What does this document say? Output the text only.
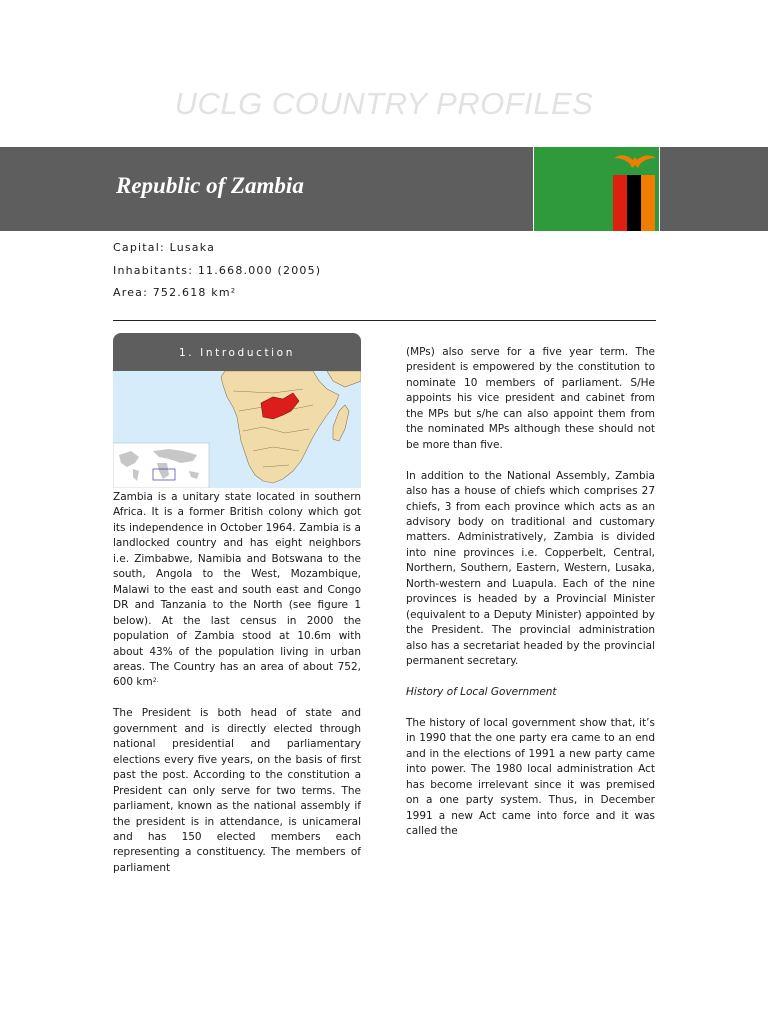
UCLG COUNTRY PROFILES
Republic of Zambia
Capital: Lusaka
Inhabitants: 11.668.000 (2005)
Area: 752.618 km²
1. Introduction

Zambia is a unitary state located in southern Africa. It is a former British colony which got its independence in October 1964. Zambia is a landlocked country and has eight neighbors i.e. Zimbabwe, Namibia and Botswana to the south, Angola to the West, Mozambique, Malawi to the east and south east and Congo DR and Tanzania to the North (see figure 1 below). At the last census in 2000 the population of Zambia stood at 10.6m with about 43% of the population living in urban areas. The Country has an area of about 752, 600 $km^{2.}$

The President is both head of state and government and is directly elected through national presidential and parliamentary elections every five years, on the basis of first past the post. According to the constitution a President can only serve for two terms. The parliament, known as the national assembly if the president is in attendance, is unicameral and has 150 elected members each representing a constituency. The members of parliament

(MPs) also serve for a five year term. The president is empowered by the constitution to nominate 10 members of parliament. S/He appoints his vice president and cabinet from the MPs but s/he can also appoint them from the nominated MPs although these should not be more than five.

In addition to the National Assembly, Zambia also has a house of chiefs which comprises 27 chiefs, 3 from each province which acts as an advisory body on traditional and customary matters. Administratively, Zambia is divided into nine provinces i.e. Copperbelt, Central, Northern, Southern, Eastern, Western, Lusaka, North-western and Luapula. Each of the nine provinces is headed by a Provincial Minister (equivalent to a Deputy Minister) appointed by the President. The provincial administration also has a secretariat headed by the provincial permanent secretary.

History of Local Government

The history of local government show that, it’s in 1990 that the one party era came to an end and in the elections of 1991 a new party came into power. The 1980 local administration Act has become irrelevant since it was premised on a one party system. Thus, in December 1991 a new Act came into force and it was called the
